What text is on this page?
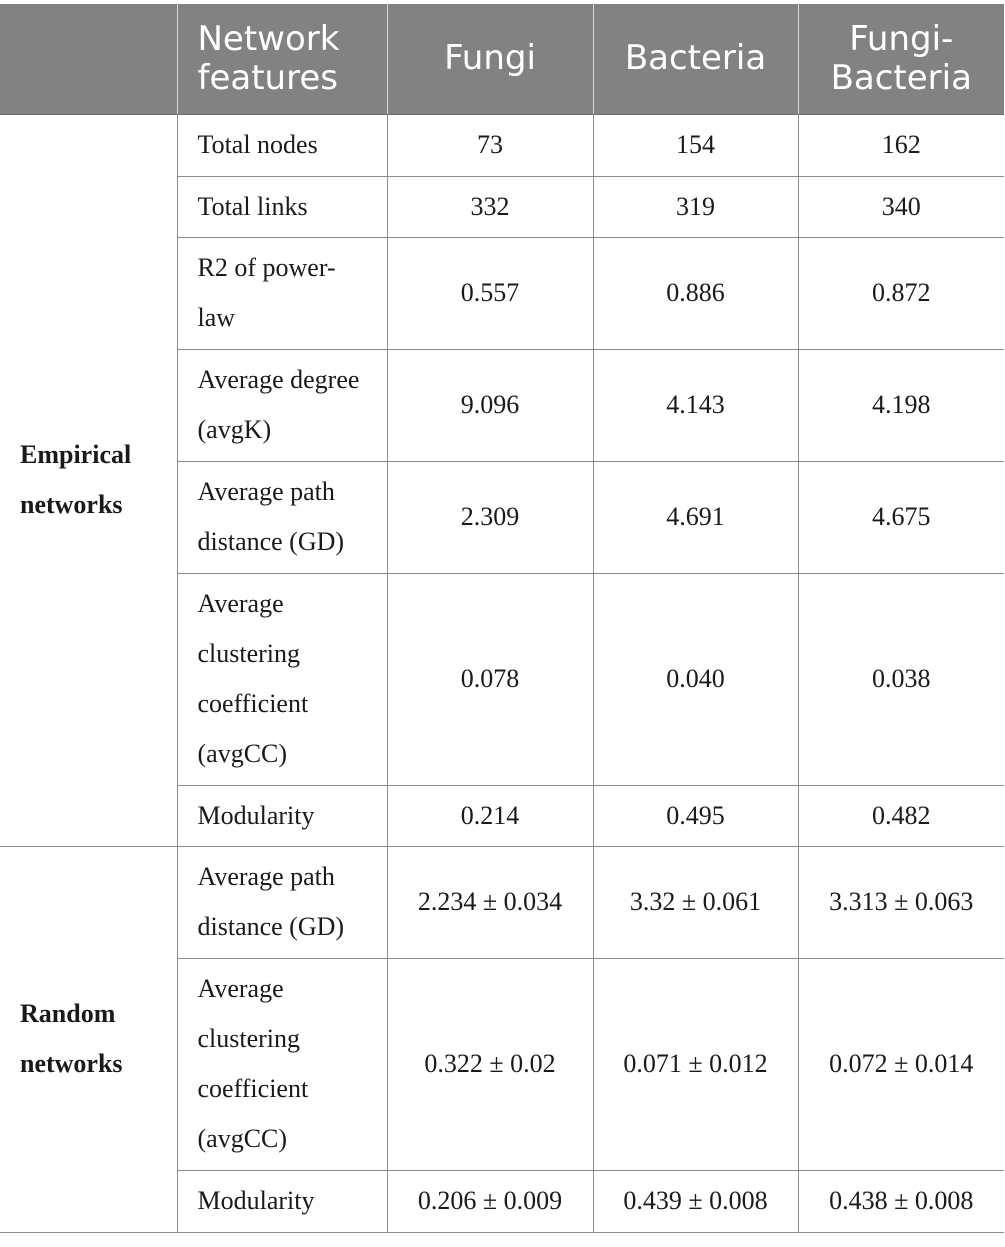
	Network features	Fungi	Bacteria	Fungi-Bacteria
Empirical networks	Total nodes	73	154	162
	Total links	332	319	340
	R2 of power-law	0.557	0.886	0.872
	Average degree (avgK)	9.096	4.143	4.198
	Average path distance (GD)	2.309	4.691	4.675
	Average clustering coefficient (avgCC)	0.078	0.040	0.038
	Modularity	0.214	0.495	0.482
Random networks	Average path distance (GD)	2.234 ± 0.034	3.32 ± 0.061	3.313 ± 0.063
	Average clustering coefficient (avgCC)	0.322 ± 0.02	0.071 ± 0.012	0.072 ± 0.014
	Modularity	0.206 ± 0.009	0.439 ± 0.008	0.438 ± 0.008
